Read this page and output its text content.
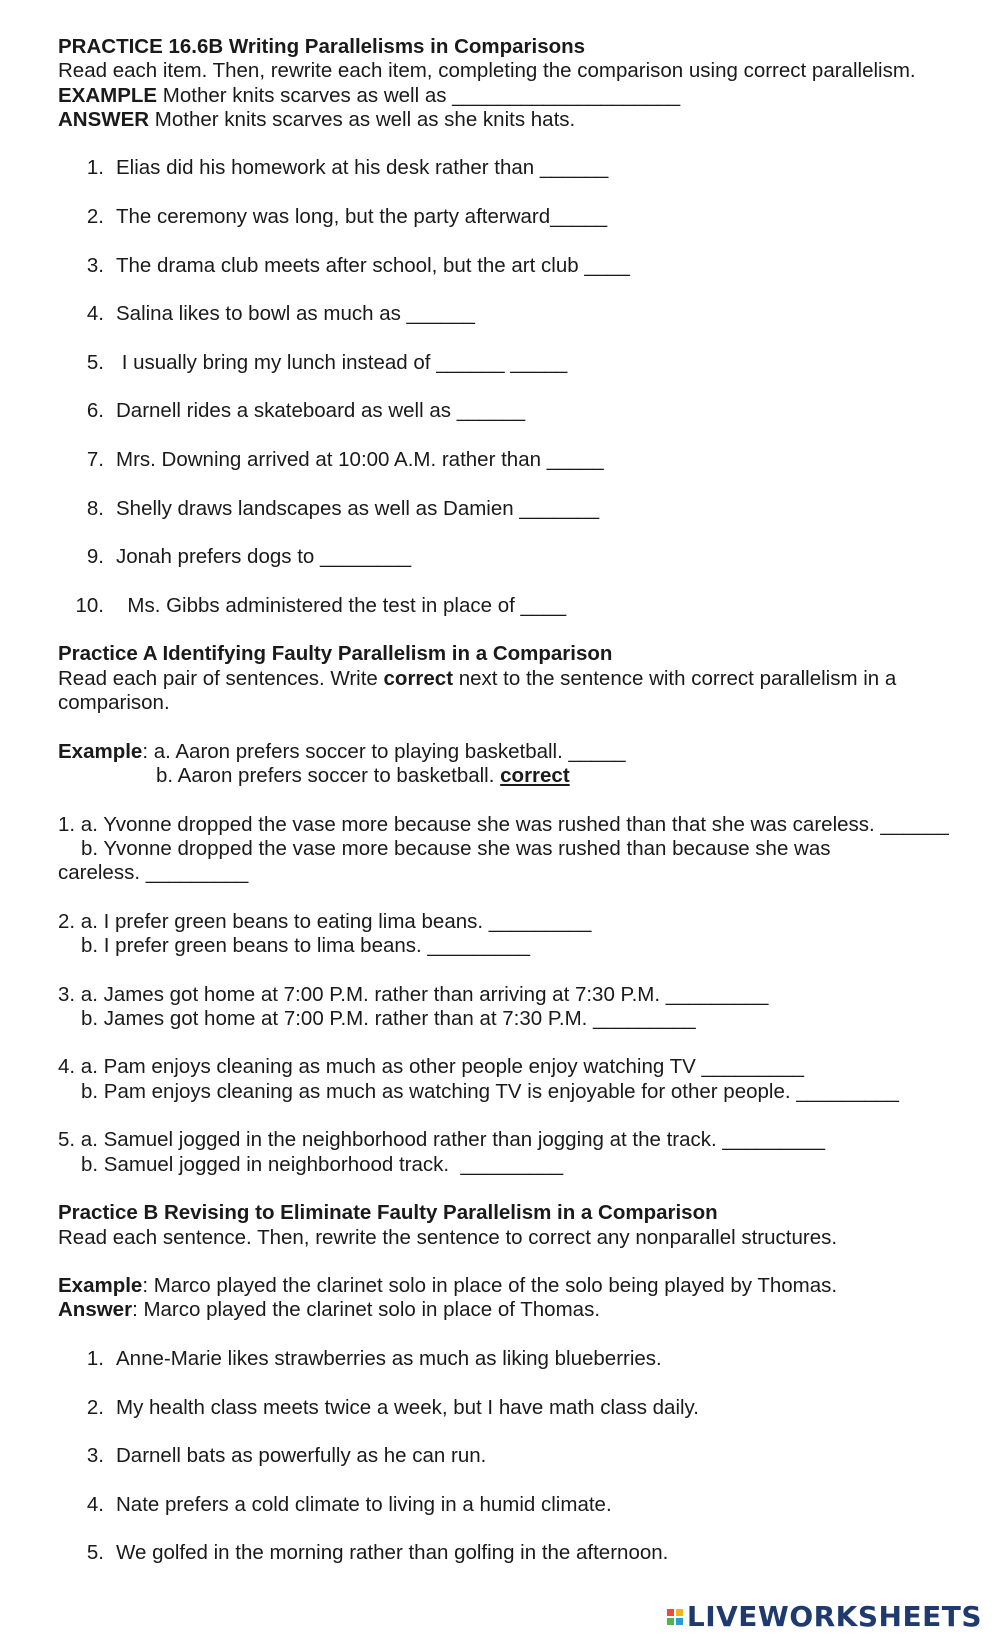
PRACTICE 16.6B Writing Parallelisms in Comparisons
Read each item. Then, rewrite each item, completing the comparison using correct parallelism.
EXAMPLE Mother knits scarves as well as ____________________
ANSWER Mother knits scarves as well as she knits hats.
1. Elias did his homework at his desk rather than ______
2. The ceremony was long, but the party afterward_____
3. The drama club meets after school, but the art club ____
4. Salina likes to bowl as much as ______
5. I usually bring my lunch instead of ______ _____
6. Darnell rides a skateboard as well as ______
7. Mrs. Downing arrived at 10:00 A.M. rather than _____
8. Shelly draws landscapes as well as Damien _______
9. Jonah prefers dogs to ________
10. Ms. Gibbs administered the test in place of ____
Practice A Identifying Faulty Parallelism in a Comparison
Read each pair of sentences. Write correct next to the sentence with correct parallelism in a
comparison.
Example: a. Aaron prefers soccer to playing basketball. _____
b. Aaron prefers soccer to basketball. correct
1. a. Yvonne dropped the vase more because she was rushed than that she was careless. ______
b. Yvonne dropped the vase more because she was rushed than because she was
careless. _________
2. a. I prefer green beans to eating lima beans. _________
b. I prefer green beans to lima beans. _________
3. a. James got home at 7:00 P.M. rather than arriving at 7:30 P.M. _________
b. James got home at 7:00 P.M. rather than at 7:30 P.M. _________
4. a. Pam enjoys cleaning as much as other people enjoy watching TV _________
b. Pam enjoys cleaning as much as watching TV is enjoyable for other people. _________
5. a. Samuel jogged in the neighborhood rather than jogging at the track. _________
b. Samuel jogged in neighborhood track.  _________
Practice B Revising to Eliminate Faulty Parallelism in a Comparison
Read each sentence. Then, rewrite the sentence to correct any nonparallel structures.
Example: Marco played the clarinet solo in place of the solo being played by Thomas.
Answer: Marco played the clarinet solo in place of Thomas.
1. Anne-Marie likes strawberries as much as liking blueberries.
2. My health class meets twice a week, but I have math class daily.
3. Darnell bats as powerfully as he can run.
4. Nate prefers a cold climate to living in a humid climate.
5. We golfed in the morning rather than golfing in the afternoon.
LIVEWORKSHEETS
